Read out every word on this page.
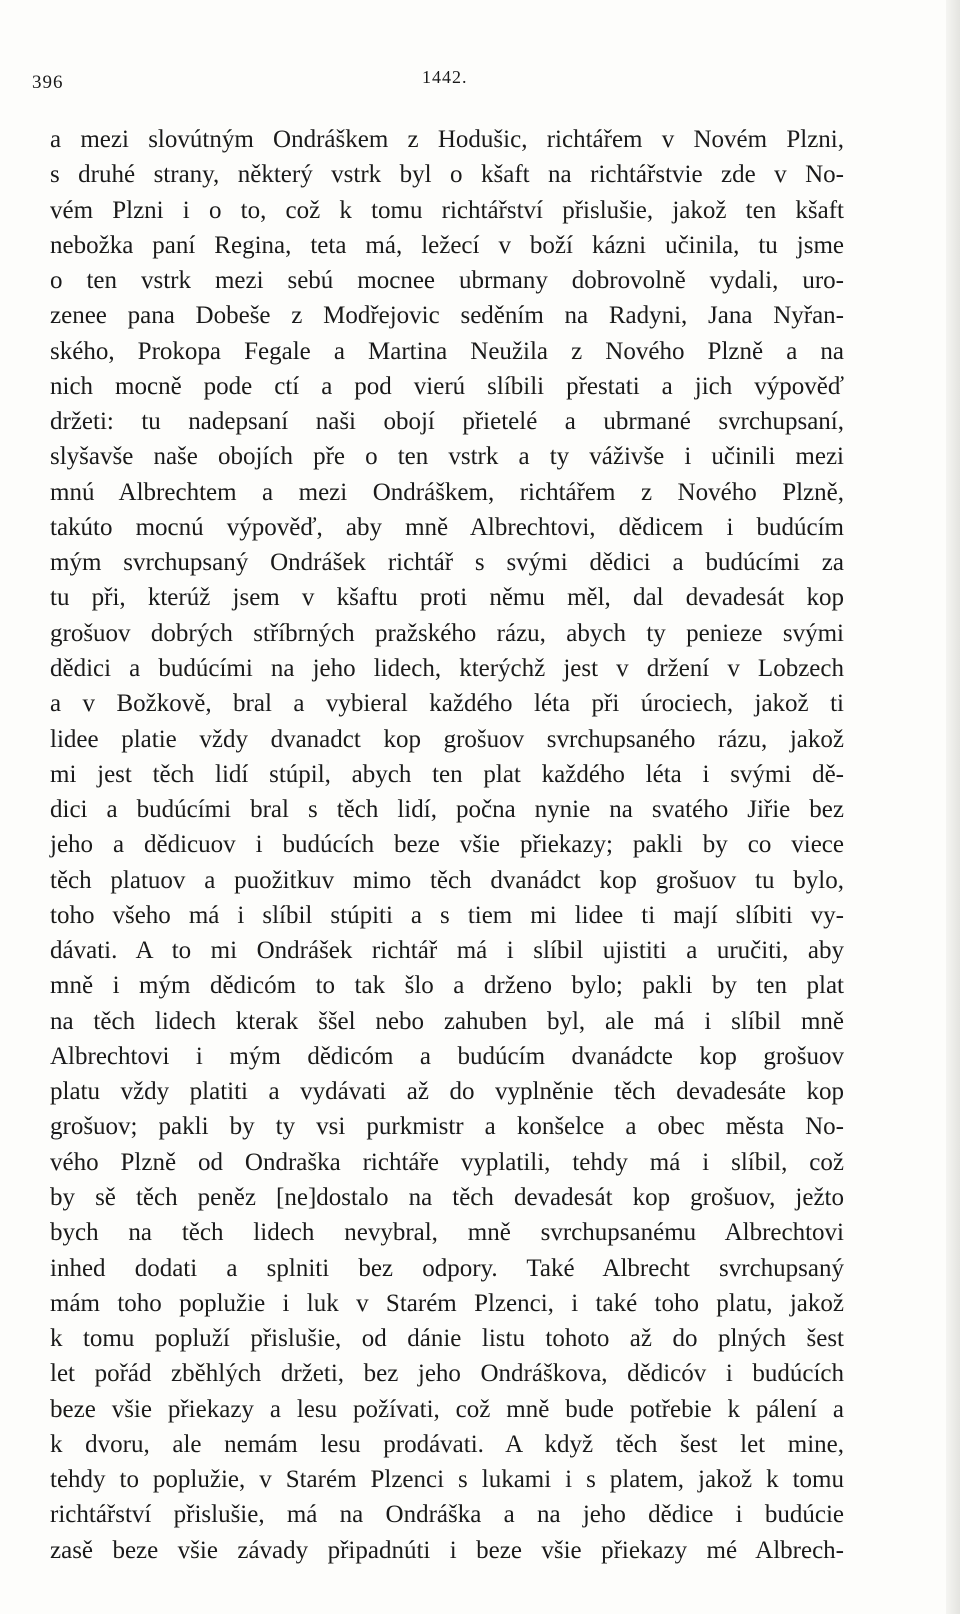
396	1442.
a mezi slovútným Ondráškem z Hodušic, richtářem v Novém Plzni,
s druhé strany, některý vstrk byl o kšaft na richtářstvie zde v No-
vém Plzni i o to, což k tomu richtářství přislušie, jakož ten kšaft
nebožka paní Regina, teta má, ležecí v boží kázni učinila, tu jsme
o ten vstrk mezi sebú mocnee ubrmany dobrovolně vydali, uro-
zenee pana Dobeše z Modřejovic seděním na Radyni, Jana Nyřan-
ského, Prokopa Fegale a Martina Neužila z Nového Plzně a na
nich mocně pode ctí a pod vierú slíbili přestati a jich výpověď
držeti: tu nadepsaní naši obojí přietelé a ubrmané svrchupsaní,
slyšavše naše obojích pře o ten vstrk a ty váživše i učinili mezi
mnú Albrechtem a mezi Ondráškem, richtářem z Nového Plzně,
takúto mocnú výpověď, aby mně Albrechtovi, dědicem i budúcím
mým svrchupsaný Ondrášek richtář s svými dědici a budúcími za
tu při, kterúž jsem v kšaftu proti němu měl, dal devadesát kop
grošuov dobrých stříbrných pražského rázu, abych ty penieze svými
dědici a budúcími na jeho lidech, kterýchž jest v držení v Lobzech
a v Božkově, bral a vybieral každého léta při úrociech, jakož ti
lidee platie vždy dvanadct kop grošuov svrchupsaného rázu, jakož
mi jest těch lidí stúpil, abych ten plat každého léta i svými dě-
dici a budúcími bral s těch lidí, počna nynie na svatého Jiřie bez
jeho a dědicuov i budúcích beze všie přiekazy; pakli by co viece
těch platuov a puožitkuv mimo těch dvanádct kop grošuov tu bylo,
toho všeho má i slíbil stúpiti a s tiem mi lidee ti mají slíbiti vy-
dávati. A to mi Ondrášek richtář má i slíbil ujistiti a uručiti, aby
mně i mým dědicóm to tak šlo a drženo bylo; pakli by ten plat
na těch lidech kterak ššel nebo zahuben byl, ale má i slíbil mně
Albrechtovi i mým dědicóm a budúcím dvanádcte kop grošuov
platu vždy platiti a vydávati až do vyplněnie těch devadesáte kop
grošuov; pakli by ty vsi purkmistr a konšelce a obec města No-
vého Plzně od Ondraška richtáře vyplatili, tehdy má i slíbil, což
by sě těch peněz [ne]dostalo na těch devadesát kop grošuov, ježto
bych na těch lidech nevybral, mně svrchupsanému Albrechtovi
inhed dodati a splniti bez odpory. Také Albrecht svrchupsaný
mám toho poplužie i luk v Starém Plzenci, i také toho platu, jakož
k tomu popluží přislušie, od dánie listu tohoto až do plných šest
let pořád zběhlých držeti, bez jeho Ondráškova, dědicóv i budúcích
beze všie přiekazy a lesu požívati, což mně bude potřebie k pálení a
k dvoru, ale nemám lesu prodávati. A když těch šest let mine,
tehdy to poplužie, v Starém Plzenci s lukami i s platem, jakož k tomu
richtářství přislušie, má na Ondráška a na jeho dědice i budúcie
zasě beze všie závady připadnúti i beze všie přiekazy mé Albrech-
